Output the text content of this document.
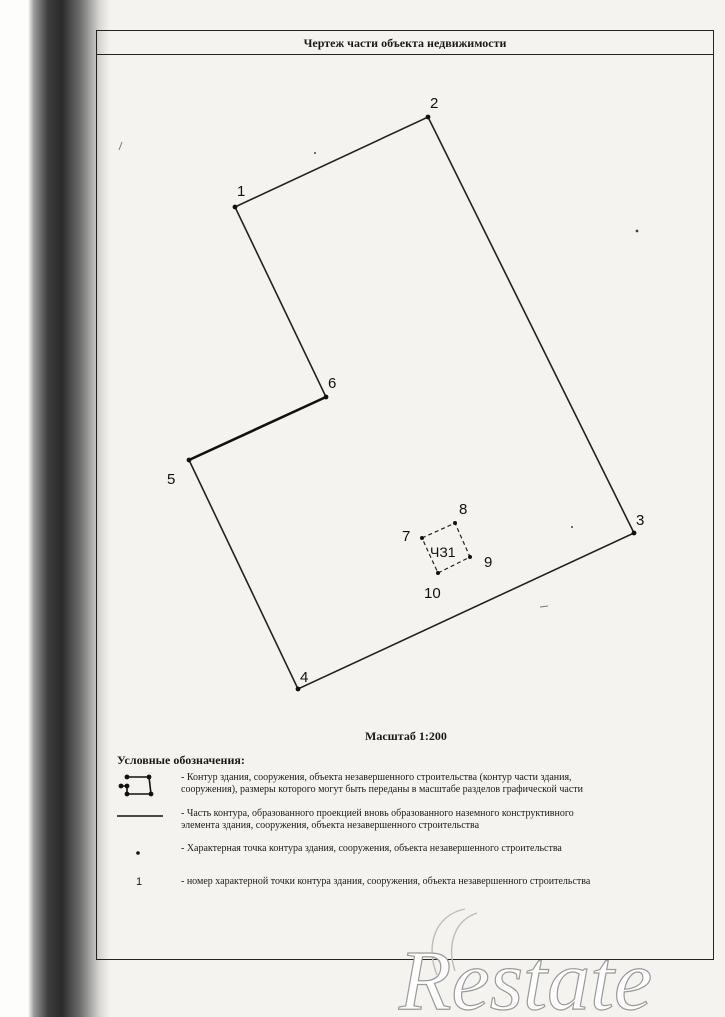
Чертеж части объекта недвижимости
1
2
3
4
5
6
7
8
9
10
ЧЗ1
Масштаб 1:200
Условные обозначения:
- Контур здания, сооружения, объекта незавершенного строительства (контур части здания,
сооружения), размеры которого могут быть переданы в масштабе разделов графической части
- Часть контура, образованного проекцией вновь образованного наземного конструктивного
элемента здания, сооружения, объекта незавершенного строительства
- Характерная точка контура здания, сооружения, объекта незавершенного строительства
1	- номер характерной точки контура здания, сооружения, объекта незавершенного строительства
Restate
